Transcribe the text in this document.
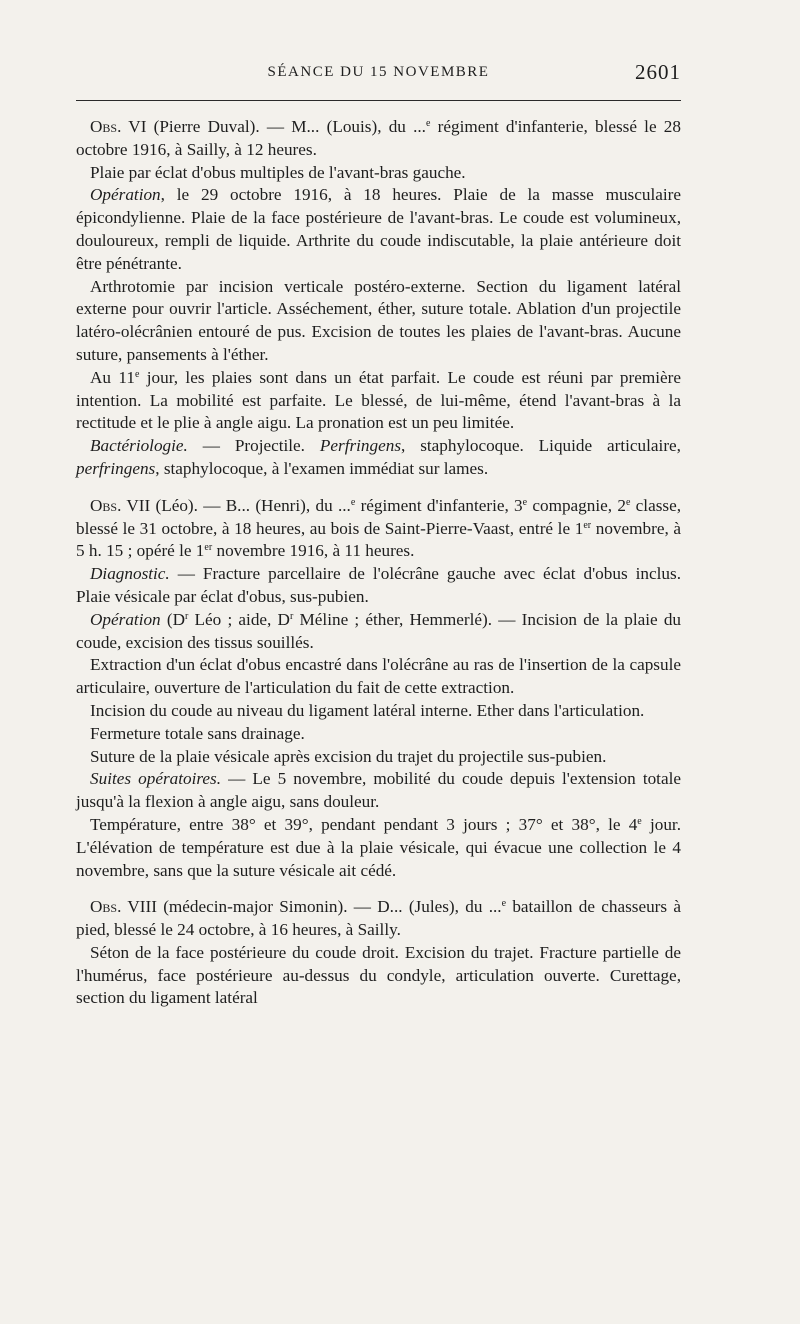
SÉANCE DU 15 NOVEMBRE	2601

Obs. VI (Pierre Duval). — M... (Louis), du ...$^e$ régiment d'infanterie, blessé le 28 octobre 1916, à Sailly, à 12 heures.

Plaie par éclat d'obus multiples de l'avant-bras gauche.

Opération, le 29 octobre 1916, à 18 heures. Plaie de la masse musculaire épicondylienne. Plaie de la face postérieure de l'avant-bras. Le coude est volumineux, douloureux, rempli de liquide. Arthrite du coude indiscutable, la plaie antérieure doit être pénétrante.

Arthrotomie par incision verticale postéro-externe. Section du ligament latéral externe pour ouvrir l'article. Asséchement, éther, suture totale. Ablation d'un projectile latéro-olécrânien entouré de pus. Excision de toutes les plaies de l'avant-bras. Aucune suture, pansements à l'éther.

Au 11e jour, les plaies sont dans un état parfait. Le coude est réuni par première intention. La mobilité est parfaite. Le blessé, de lui-même, étend l'avant-bras à la rectitude et le plie à angle aigu. La pronation est un peu limitée.

Bactériologie. — Projectile. Perfringens, staphylocoque. Liquide articulaire, perfringens, staphylocoque, à l'examen immédiat sur lames.

Obs. VII (Léo). — B... (Henri), du ...$^e$ régiment d'infanterie, 3e compagnie, 2e classe, blessé le 31 octobre, à 18 heures, au bois de Saint-Pierre-Vaast, entré le 1er novembre, à 5 h. 15 ; opéré le 1er novembre 1916, à 11 heures.

Diagnostic. — Fracture parcellaire de l'olécrâne gauche avec éclat d'obus inclus. Plaie vésicale par éclat d'obus, sus-pubien.

Opération ($D^r$ Léo ; aide, $D^r$ Méline ; éther, Hemmerlé). — Incision de la plaie du coude, excision des tissus souillés.

Extraction d'un éclat d'obus encastré dans l'olécrâne au ras de l'insertion de la capsule articulaire, ouverture de l'articulation du fait de cette extraction.

Incision du coude au niveau du ligament latéral interne. Ether dans l'articulation.

Fermeture totale sans drainage.

Suture de la plaie vésicale après excision du trajet du projectile sus-pubien.

Suites opératoires. — Le 5 novembre, mobilité du coude depuis l'extension totale jusqu'à la flexion à angle aigu, sans douleur.

Température, entre 38° et 39°, pendant pendant 3 jours ; 37° et 38°, le 4e jour. L'élévation de température est due à la plaie vésicale, qui évacue une collection le 4 novembre, sans que la suture vésicale ait cédé.

Obs. VIII (médecin-major Simonin). — D... (Jules), du ...$^e$ bataillon de chasseurs à pied, blessé le 24 octobre, à 16 heures, à Sailly.

Séton de la face postérieure du coude droit. Excision du trajet. Fracture partielle de l'humérus, face postérieure au-dessus du condyle, articulation ouverte. Curettage, section du ligament latéral
